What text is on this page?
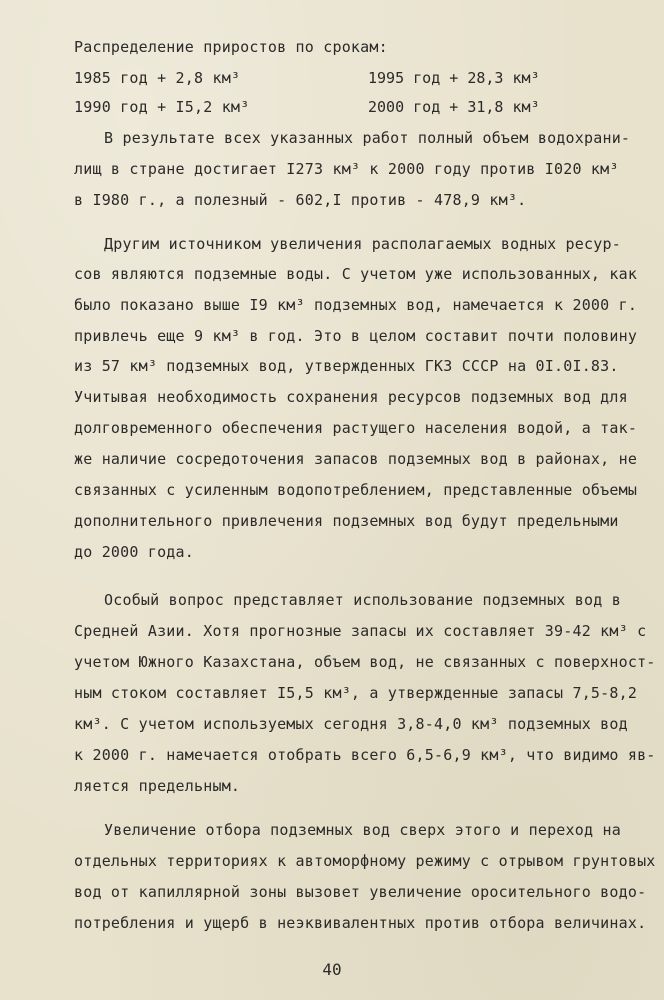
Распределение приростов по срокам:
1985 год + 2,8 км³	1995 год + 28,3 км³
1990 год + I5,2 км³	2000 год + 31,8 км³
В результате всех указанных работ полный объем водохрани-
лищ в стране достигает I273 км³ к 2000 году против I020 км³
в I980 г., а полезный - 602,I против - 478,9 км³.
Другим источником увеличения располагаемых водных ресур-
сов являются подземные воды. С учетом уже использованных, как
было показано выше I9 км³ подземных вод, намечается к 2000 г.
привлечь еще 9 км³ в год. Это в целом составит почти половину
из 57 км³ подземных вод, утвержденных ГКЗ СССР на 0I.0I.83.
Учитывая необходимость сохранения ресурсов подземных вод для
долговременного обеспечения растущего населения водой, а так-
же наличие сосредоточения запасов подземных вод в районах, не
связанных с усиленным водопотреблением, представленные объемы
дополнительного привлечения подземных вод будут предельными
до 2000 года.
Особый вопрос представляет использование подземных вод в
Средней Азии. Хотя прогнозные запасы их составляет 39-42 км³ с
учетом Южного Казахстана, объем вод, не связанных с поверхност-
ным стоком составляет I5,5 км³, а утвержденные запасы 7,5-8,2
км³. С учетом используемых сегодня 3,8-4,0 км³ подземных вод
к 2000 г. намечается отобрать всего 6,5-6,9 км³, что видимо яв-
ляется предельным.
Увеличение отбора подземных вод сверх этого и переход на
отдельных территориях к автоморфному режиму с отрывом грунтовых
вод от капиллярной зоны вызовет увеличение оросительного водо-
потребления и ущерб в неэквивалентных против отбора величинах.
40
